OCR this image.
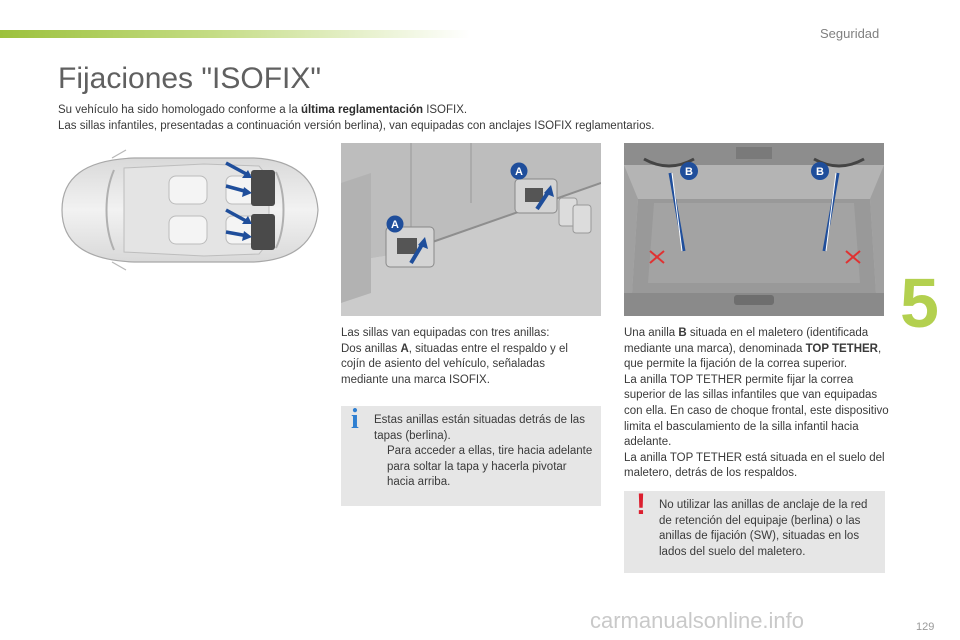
Seguridad
5
Fijaciones "ISOFIX"
Su vehículo ha sido homologado conforme a la última reglamentación ISOFIX.
Las sillas infantiles, presentadas a continuación versión berlina), van equipadas con anclajes ISOFIX reglamentarios.
A
A	B	B
Las sillas van equipadas con tres anillas:
Dos anillas A, situadas entre el respaldo y el cojín de asiento del vehículo, señaladas mediante una marca ISOFIX.
i Estas anillas están situadas detrás de las tapas (berlina).
Para acceder a ellas, tire hacia adelante para soltar la tapa y hacerla pivotar hacia arriba.
Una anilla B situada en el maletero (identificada mediante una marca), denominada TOP TETHER, que permite la fijación de la correa superior.
La anilla TOP TETHER permite fijar la correa superior de las sillas infantiles que van equipadas con ella. En caso de choque frontal, este dispositivo limita el basculamiento de la silla infantil hacia adelante.
La anilla TOP TETHER está situada en el suelo del maletero, detrás de los respaldos.
! No utilizar las anillas de anclaje de la red de retención del equipaje (berlina) o las anillas de fijación (SW), situadas en los lados del suelo del maletero.
carmanualsonline.info	129
